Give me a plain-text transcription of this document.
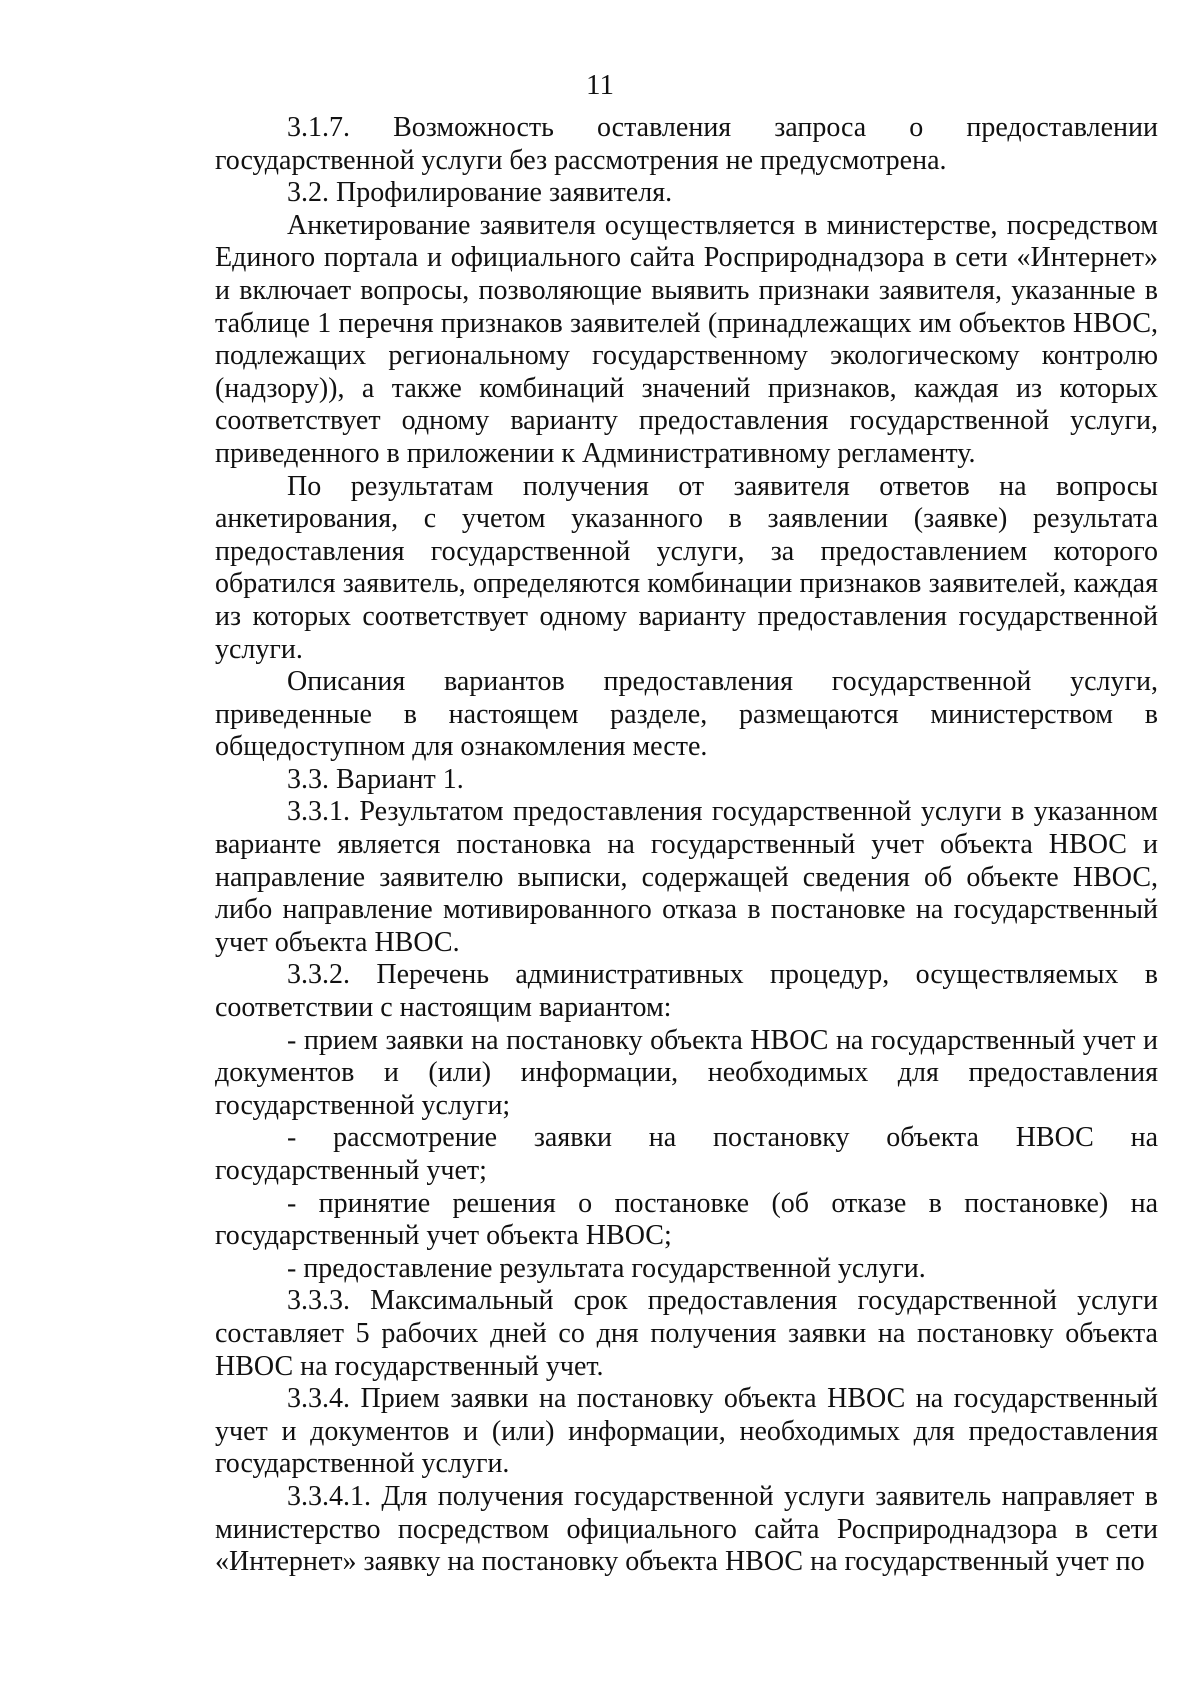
11

3.1.7. Возможность оставления запроса о предоставлении государственной услуги без рассмотрения не предусмотрена.

3.2. Профилирование заявителя.

Анкетирование заявителя осуществляется в министерстве, посредством Единого портала и официального сайта Росприроднадзора в сети «Интернет» и включает вопросы, позволяющие выявить признаки заявителя, указанные в таблице 1 перечня признаков заявителей (принадлежащих им объектов НВОС, подлежащих региональному государственному экологическому контролю (надзору)), а также комбинаций значений признаков, каждая из которых соответствует одному варианту предоставления государственной услуги, приведенного в приложении к Административному регламенту.

По результатам получения от заявителя ответов на вопросы анкетирования, с учетом указанного в заявлении (заявке) результата предоставления государственной услуги, за предоставлением которого обратился заявитель, определяются комбинации признаков заявителей, каждая из которых соответствует одному варианту предоставления государственной услуги.

Описания вариантов предоставления государственной услуги, приведенные в настоящем разделе, размещаются министерством в общедоступном для ознакомления месте.

3.3. Вариант 1.

3.3.1. Результатом предоставления государственной услуги в указанном варианте является постановка на государственный учет объекта НВОС и направление заявителю выписки, содержащей сведения об объекте НВОС, либо направление мотивированного отказа в постановке на государственный учет объекта НВОС.

3.3.2. Перечень административных процедур, осуществляемых в соответствии с настоящим вариантом:

- прием заявки на постановку объекта НВОС на государственный учет и документов и (или) информации, необходимых для предоставления государственной услуги;

- рассмотрение заявки на постановку объекта НВОС на государственный учет;

- принятие решения о постановке (об отказе в постановке) на государственный учет объекта НВОС;

- предоставление результата государственной услуги.

3.3.3. Максимальный срок предоставления государственной услуги составляет 5 рабочих дней со дня получения заявки на постановку объекта НВОС на государственный учет.

3.3.4. Прием заявки на постановку объекта НВОС на государственный учет и документов и (или) информации, необходимых для предоставления государственной услуги.

3.3.4.1. Для получения государственной услуги заявитель направляет в министерство посредством официального сайта Росприроднадзора в сети «Интернет» заявку на постановку объекта НВОС на государственный учет по
